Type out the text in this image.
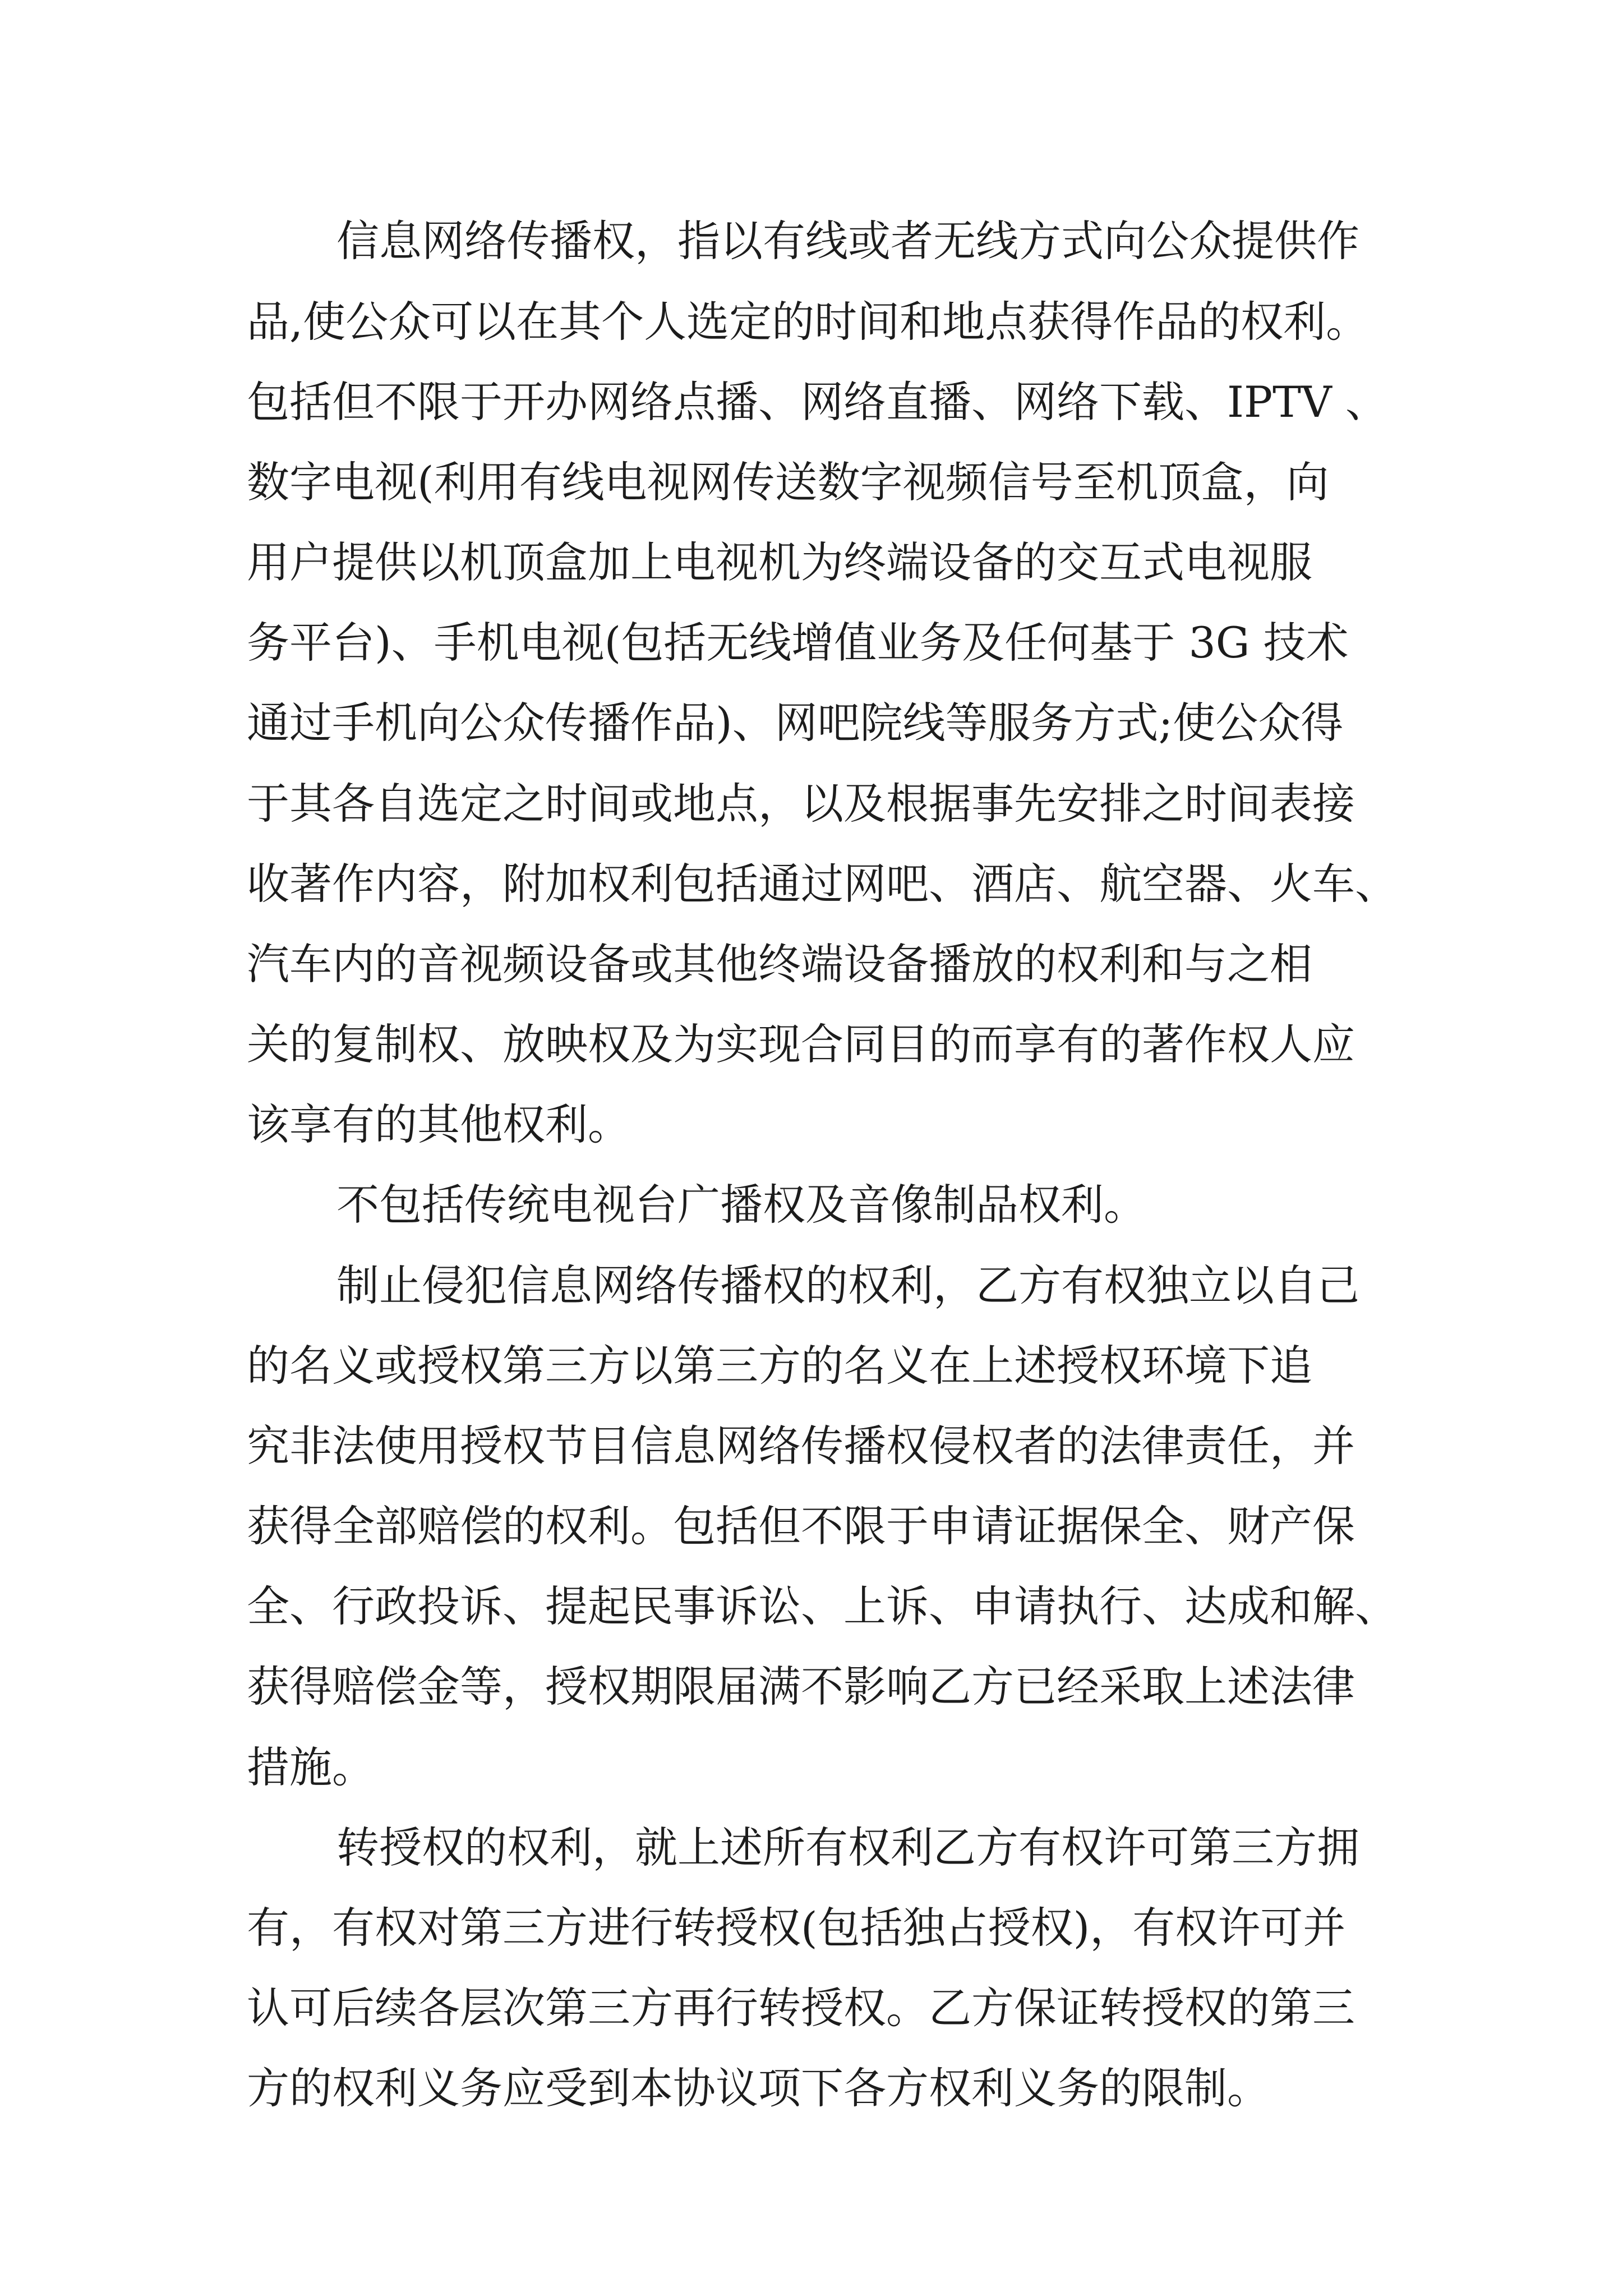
信息网络传播权，指以有线或者无线方式向公众提供作
品,使公众可以在其个人选定的时间和地点获得作品的权利。
包括但不限于开办网络点播、网络直播、网络下载、IPTV 、
数字电视(利用有线电视网传送数字视频信号至机顶盒，向
用户提供以机顶盒加上电视机为终端设备的交互式电视服
务平台)、手机电视(包括无线增值业务及任何基于 3G 技术
通过手机向公众传播作品)、网吧院线等服务方式;使公众得
于其各自选定之时间或地点，以及根据事先安排之时间表接
收著作内容，附加权利包括通过网吧、酒店、航空器、火车、
汽车内的音视频设备或其他终端设备播放的权利和与之相
关的复制权、放映权及为实现合同目的而享有的著作权人应
该享有的其他权利。
不包括传统电视台广播权及音像制品权利。
制止侵犯信息网络传播权的权利，乙方有权独立以自己
的名义或授权第三方以第三方的名义在上述授权环境下追
究非法使用授权节目信息网络传播权侵权者的法律责任，并
获得全部赔偿的权利。包括但不限于申请证据保全、财产保
全、行政投诉、提起民事诉讼、上诉、申请执行、达成和解、
获得赔偿金等，授权期限届满不影响乙方已经采取上述法律
措施。
转授权的权利，就上述所有权利乙方有权许可第三方拥
有，有权对第三方进行转授权(包括独占授权)，有权许可并
认可后续各层次第三方再行转授权。乙方保证转授权的第三
方的权利义务应受到本协议项下各方权利义务的限制。
